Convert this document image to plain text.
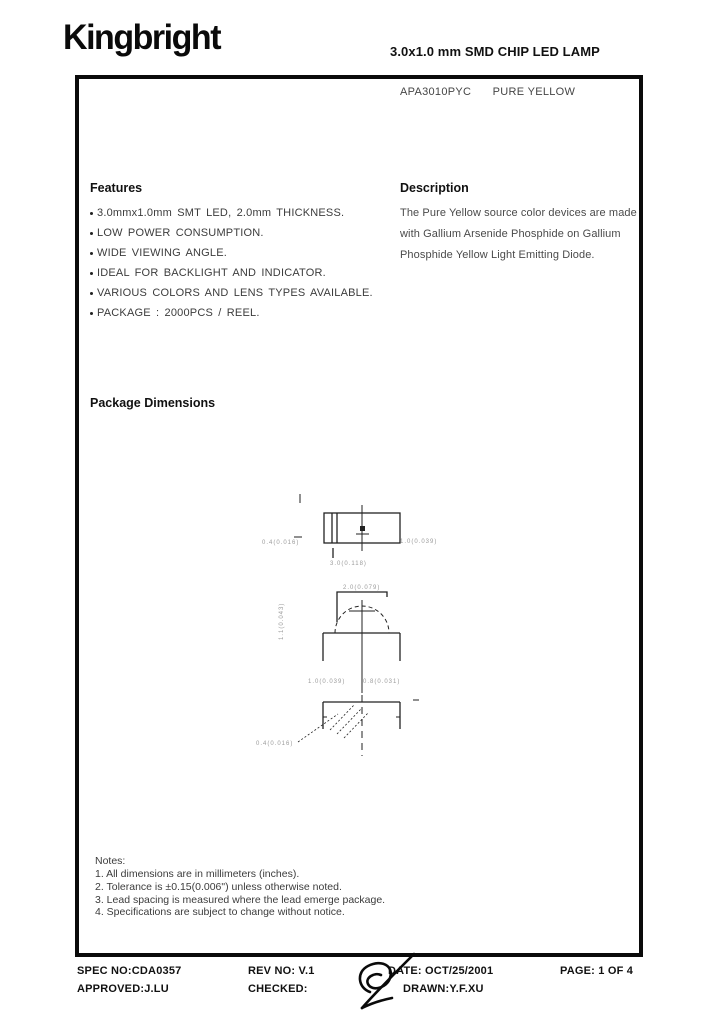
Kingbright	3.0x1.0 mm SMD CHIP LED LAMP
APA3010PYC PURE YELLOW
Features
3.0mmx1.0mm SMT LED, 2.0mm THICKNESS.
LOW POWER CONSUMPTION.
WIDE VIEWING ANGLE.
IDEAL FOR BACKLIGHT AND INDICATOR.
VARIOUS COLORS AND LENS TYPES AVAILABLE.
PACKAGE : 2000PCS / REEL.
Description
The Pure Yellow source color devices are made
with Gallium Arsenide Phosphide on Gallium
Phosphide Yellow Light Emitting Diode.
Package Dimensions
0.4(0.016)	1.0(0.039)
3.0(0.118)
2.0(0.079)
1.1(0.043)
1.0(0.039)	0.8(0.031)
0.4(0.016)
Notes:
1. All dimensions are in millimeters (inches).
2. Tolerance is ±0.15(0.006") unless otherwise noted.
3. Lead spacing is measured where the lead emerge package.
4. Specifications are subject to change without notice.
SPEC NO:CDA0357	REV NO: V.1	DATE: OCT/25/2001	PAGE: 1 OF 4
APPROVED:J.LU	CHECKED:	DRAWN:Y.F.XU
